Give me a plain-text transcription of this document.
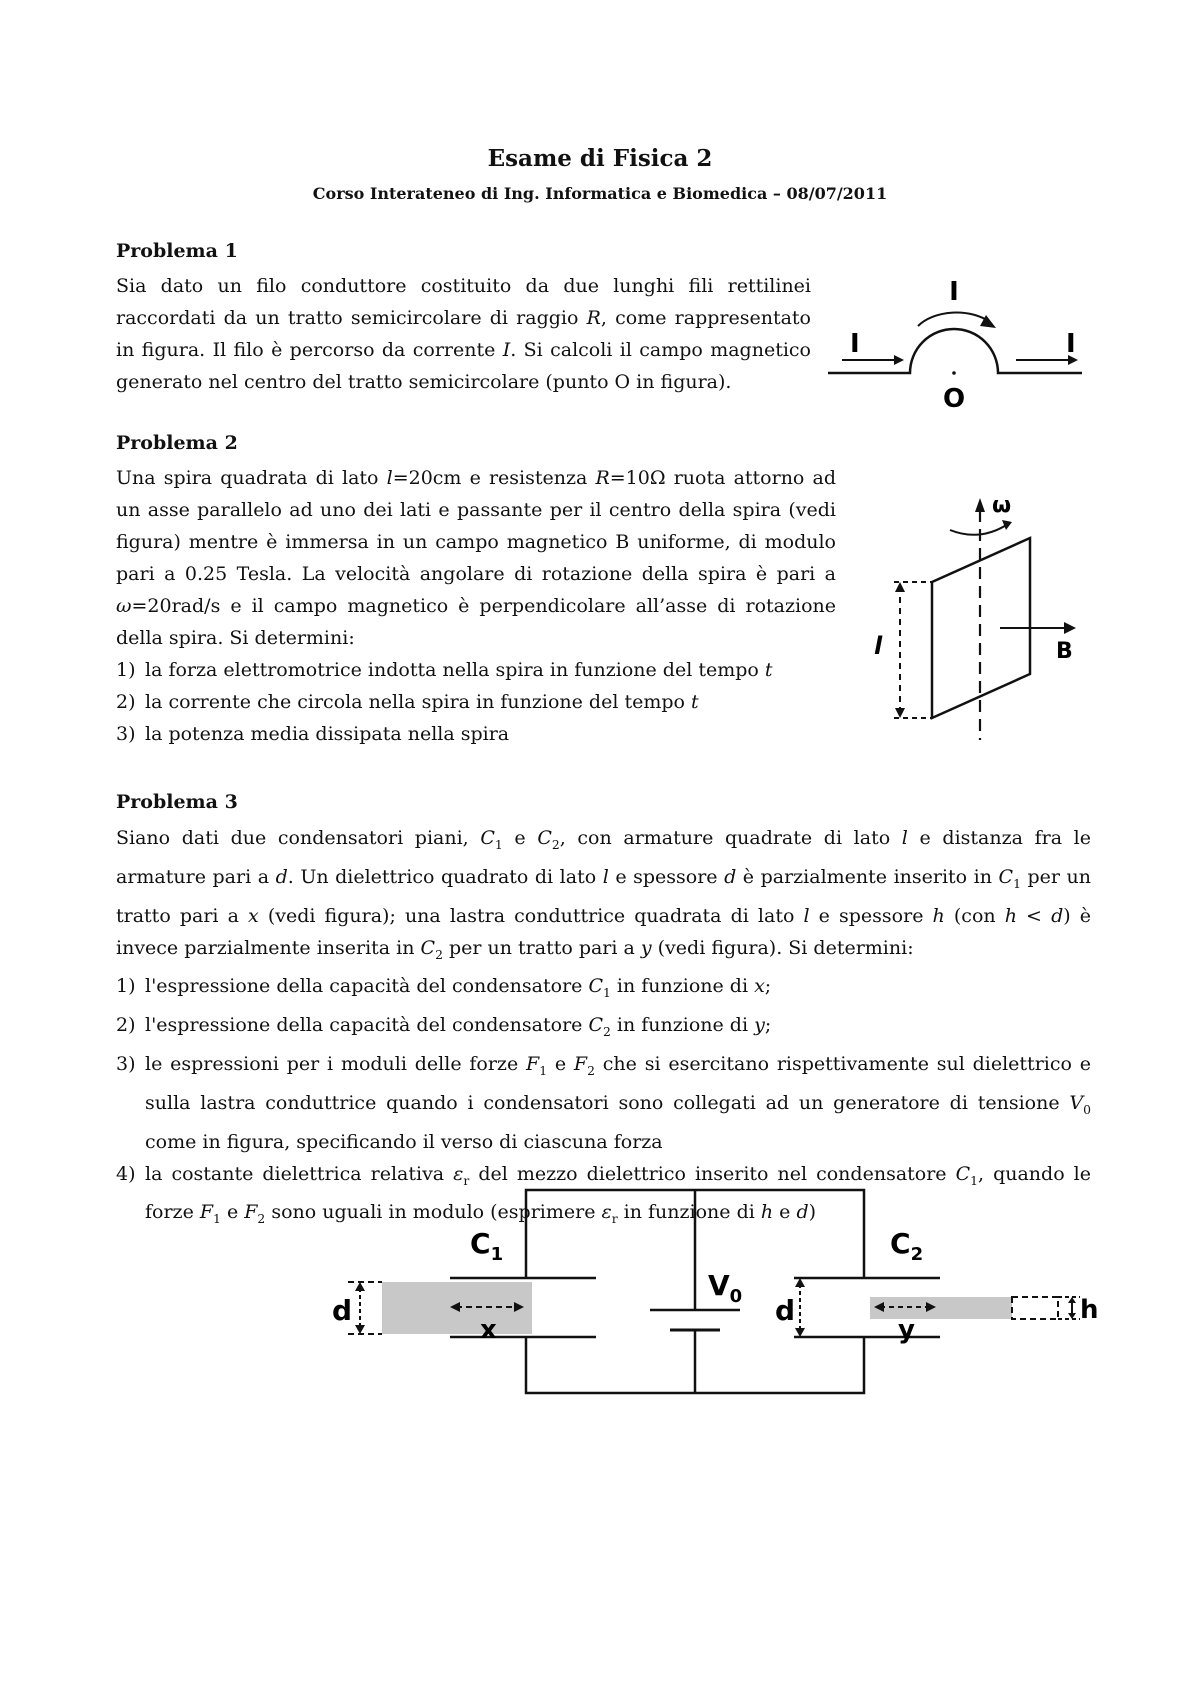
Esame di Fisica 2
Corso Interateneo di Ing. Informatica e Biomedica – 08/07/2011
Problema 1

Sia dato un filo conduttore costituito da due lunghi fili rettilinei raccordati da un tratto semicircolare di raggio R, come rappresentato in figura. Il filo è percorso da corrente I. Si calcoli il campo magnetico generato nel centro del tratto semicircolare (punto O in figura).

I
I
I
O
Problema 2

Una spira quadrata di lato l=20cm e resistenza R=10Ω ruota attorno ad un asse parallelo ad uno dei lati e passante per il centro della spira (vedi figura) mentre è immersa in un campo magnetico B uniforme, di modulo pari a 0.25 Tesla. La velocità angolare di rotazione della spira è pari a ω=20rad/s e il campo magnetico è perpendicolare all’asse di rotazione della spira. Si determini:

1) la forza elettromotrice indotta nella spira in funzione del tempo t

2) la corrente che circola nella spira in funzione del tempo t

3) la potenza media dissipata nella spira

ω
l	B
Problema 3

Siano dati due condensatori piani, $C_1$ e $C_2$, con armature quadrate di lato l e distanza fra le armature pari a d. Un dielettrico quadrato di lato l e spessore d è parzialmente inserito in $C_1$ per un tratto pari a x (vedi figura); una lastra conduttrice quadrata di lato l e spessore h (con h < d) è invece parzialmente inserita in $C_2$ per un tratto pari a y (vedi figura). Si determini:

1) l'espressione della capacità del condensatore $C_1$ in funzione di x;

2) l'espressione della capacità del condensatore $C_2$ in funzione di y;

3) le espressioni per i moduli delle forze $F_1$ e $F_2$ che si esercitano rispettivamente sul dielettrico e sulla lastra conduttrice quando i condensatori sono collegati ad un generatore di tensione $V_0$ come in figura, specificando il verso di ciascuna forza

4) la costante dielettrica relativa $\varepsilon_r$ del mezzo dielettrico inserito nel condensatore $C_1$, quando le forze $F_1$ e $F_2$ sono uguali in modulo (esprimere $\varepsilon_r$ in funzione di h e d)

$C_1$	$C_2$
$V_0$
d	d
x	y
h
